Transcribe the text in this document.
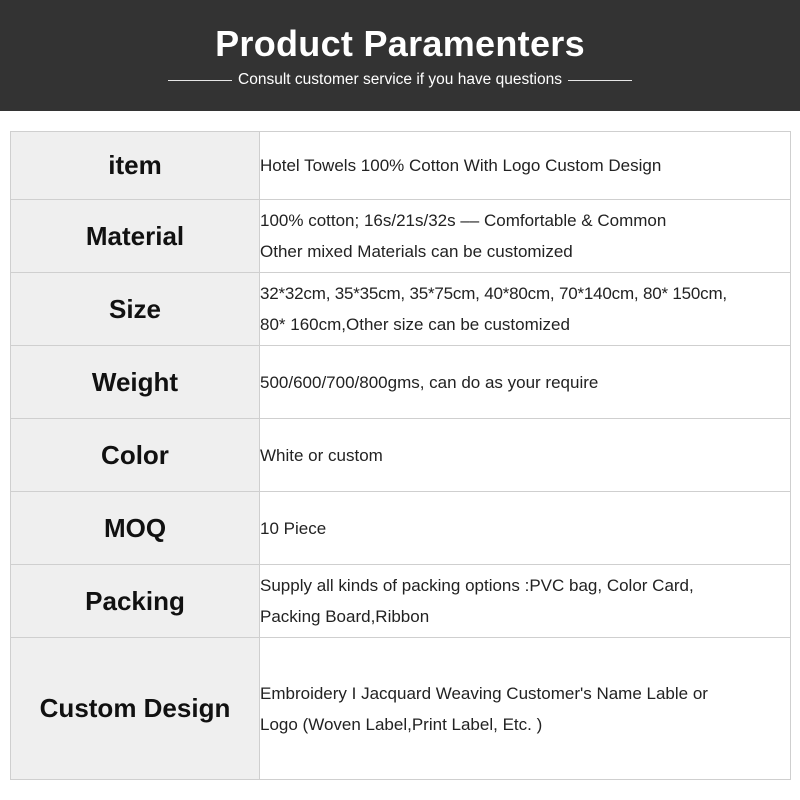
Product Paramenters
Consult customer service if you have questions
item	Hotel Towels 100% Cotton With Logo Custom Design

Material	100% cotton; 16s/21s/32s –– Comfortable & Common
Other mixed Materials can be customized

Size	32*32cm, 35*35cm, 35*75cm, 40*80cm, 70*140cm, 80* 150cm,
80* 160cm,Other size can be customized

Weight	500/600/700/800gms, can do as your require

Color	White or custom

MOQ	10 Piece

Packing	Supply all kinds of packing options :PVC bag, Color Card,
Packing Board,Ribbon

Custom Design	Embroidery I Jacquard Weaving Customer's Name Lable or
Logo (Woven Label,Print Label, Etc. )
